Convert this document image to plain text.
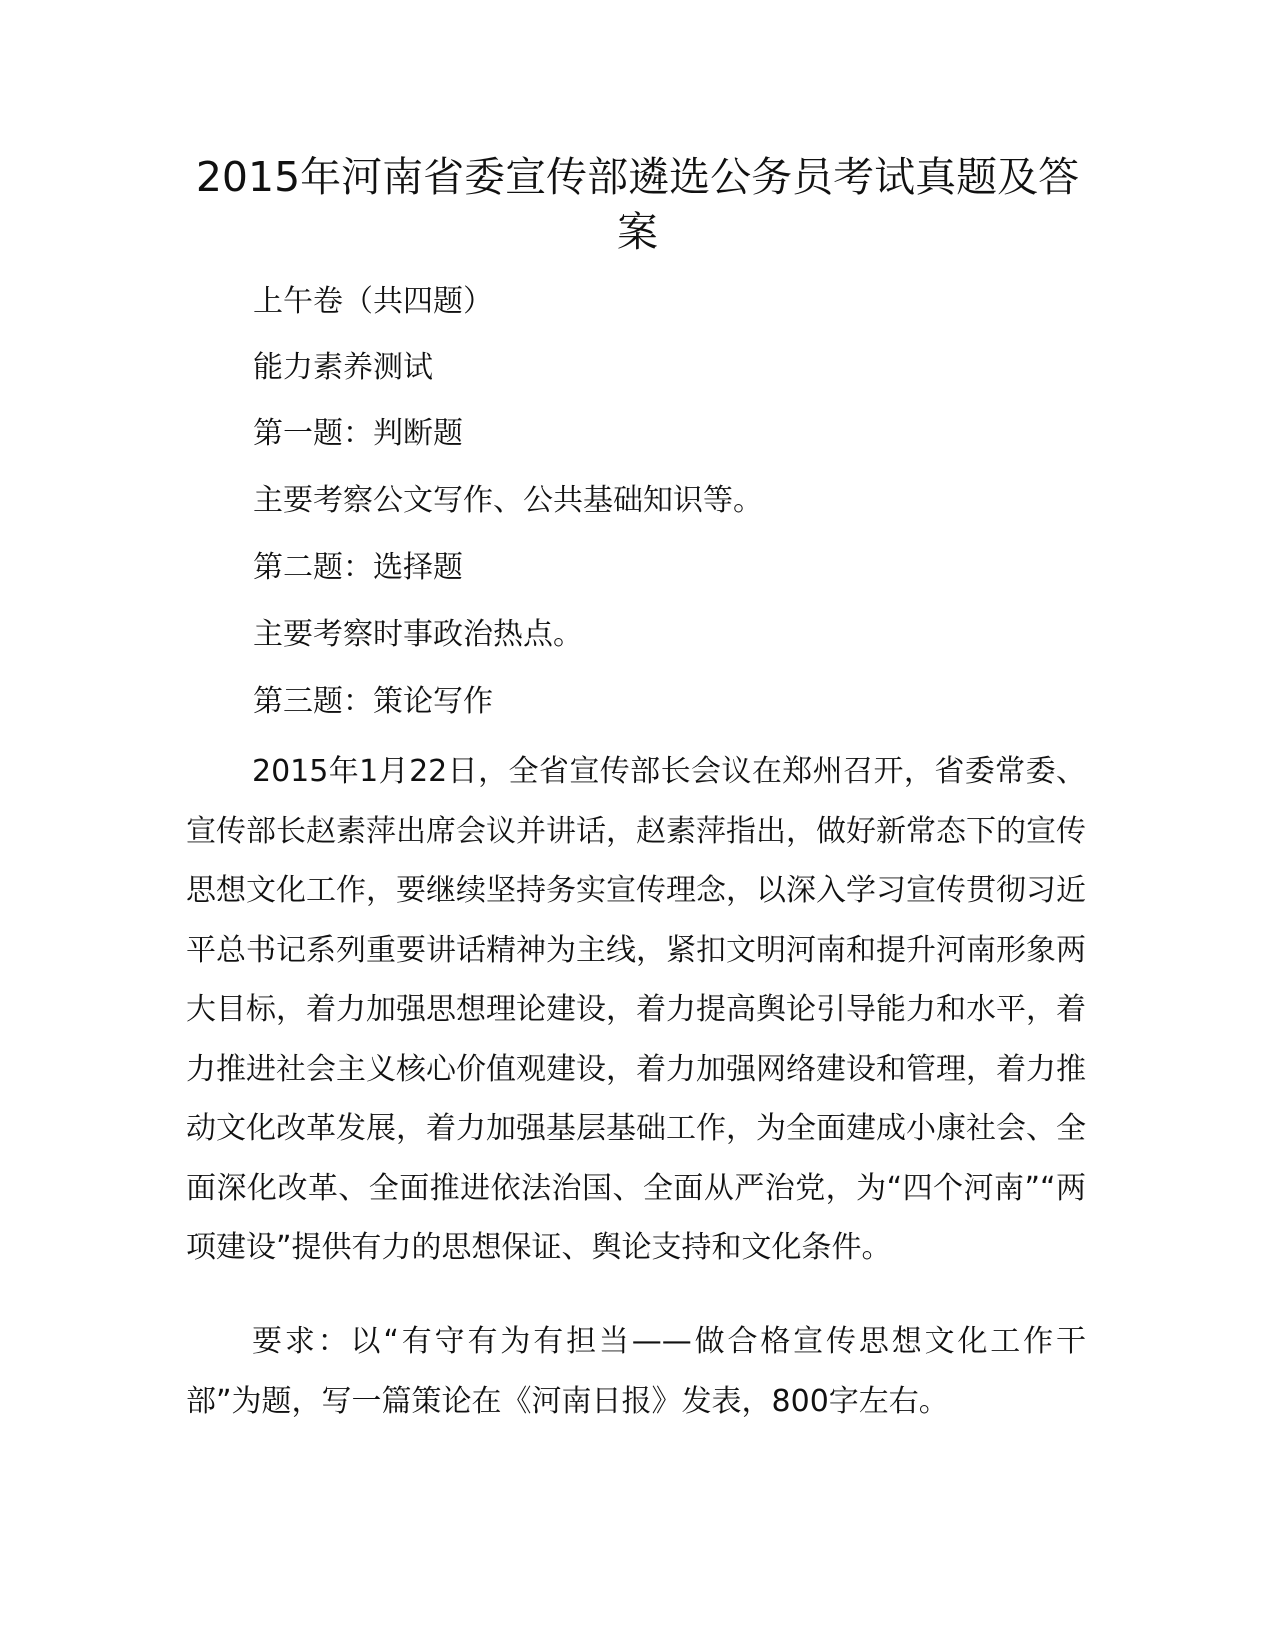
2015年河南省委宣传部遴选公务员考试真题及答案

上午卷（共四题）

能力素养测试

第一题：判断题

主要考察公文写作、公共基础知识等。

第二题：选择题

主要考察时事政治热点。

第三题：策论写作

2015年1月22日，全省宣传部长会议在郑州召开，省委常委、宣传部长赵素萍出席会议并讲话，赵素萍指出，做好新常态下的宣传思想文化工作，要继续坚持务实宣传理念，以深入学习宣传贯彻习近平总书记系列重要讲话精神为主线，紧扣文明河南和提升河南形象两大目标，着力加强思想理论建设，着力提高舆论引导能力和水平，着力推进社会主义核心价值观建设，着力加强网络建设和管理，着力推动文化改革发展，着力加强基层基础工作，为全面建成小康社会、全面深化改革、全面推进依法治国、全面从严治党，为“四个河南”“两项建设”提供有力的思想保证、舆论支持和文化条件。

要求：以“有守有为有担当——做合格宣传思想文化工作干部”为题，写一篇策论在《河南日报》发表，800字左右。
